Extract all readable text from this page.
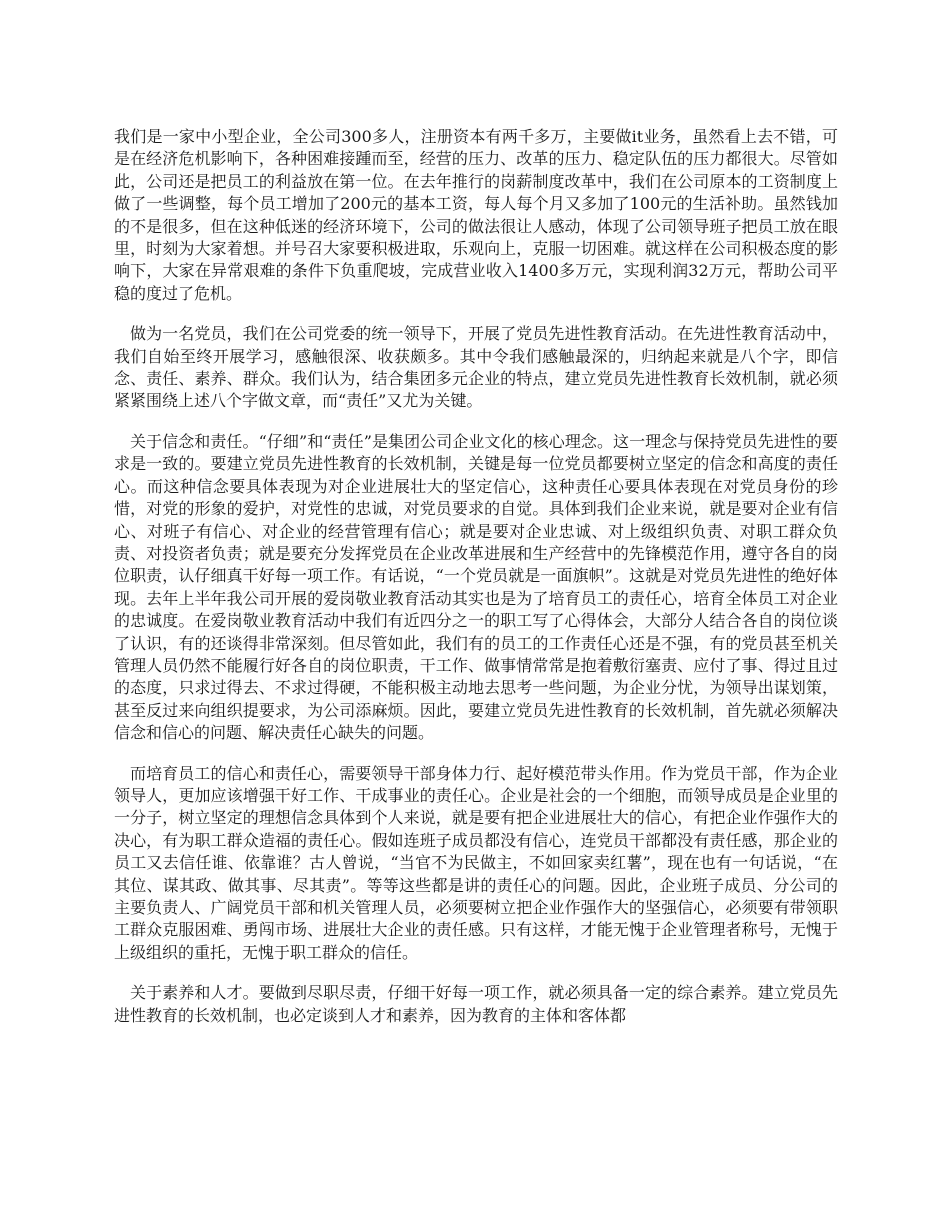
我们是一家中小型企业，全公司300多人，注册资本有两千多万，主要做it业务，虽然看上去不错，可是在经济危机影响下，各种困难接踵而至，经营的压力、改革的压力、稳定队伍的压力都很大。尽管如此，公司还是把员工的利益放在第一位。在去年推行的岗薪制度改革中，我们在公司原本的工资制度上做了一些调整，每个员工增加了200元的基本工资，每人每个月又多加了100元的生活补助。虽然钱加的不是很多，但在这种低迷的经济环境下，公司的做法很让人感动，体现了公司领导班子把员工放在眼里，时刻为大家着想。并号召大家要积极进取，乐观向上，克服一切困难。就这样在公司积极态度的影响下，大家在异常艰难的条件下负重爬坡，完成营业收入1400多万元，实现利润32万元，帮助公司平稳的度过了危机。

做为一名党员，我们在公司党委的统一领导下，开展了党员先进性教育活动。在先进性教育活动中，我们自始至终开展学习，感触很深、收获颇多。其中令我们感触最深的，归纳起来就是八个字，即信念、责任、素养、群众。我们认为，结合集团多元企业的特点，建立党员先进性教育长效机制，就必须紧紧围绕上述八个字做文章，而“责任”又尤为关键。

关于信念和责任。“仔细”和“责任”是集团公司企业文化的核心理念。这一理念与保持党员先进性的要求是一致的。要建立党员先进性教育的长效机制，关键是每一位党员都要树立坚定的信念和高度的责任心。而这种信念要具体表现为对企业进展壮大的坚定信心，这种责任心要具体表现在对党员身份的珍惜，对党的形象的爱护，对党性的忠诚，对党员要求的自觉。具体到我们企业来说，就是要对企业有信心、对班子有信心、对企业的经营管理有信心；就是要对企业忠诚、对上级组织负责、对职工群众负责、对投资者负责；就是要充分发挥党员在企业改革进展和生产经营中的先锋模范作用，遵守各自的岗位职责，认仔细真干好每一项工作。有话说，“一个党员就是一面旗帜”。这就是对党员先进性的绝好体现。去年上半年我公司开展的爱岗敬业教育活动其实也是为了培育员工的责任心，培育全体员工对企业的忠诚度。在爱岗敬业教育活动中我们有近四分之一的职工写了心得体会，大部分人结合各自的岗位谈了认识，有的还谈得非常深刻。但尽管如此，我们有的员工的工作责任心还是不强，有的党员甚至机关管理人员仍然不能履行好各自的岗位职责，干工作、做事情常常是抱着敷衍塞责、应付了事、得过且过的态度，只求过得去、不求过得硬，不能积极主动地去思考一些问题，为企业分忧，为领导出谋划策，甚至反过来向组织提要求，为公司添麻烦。因此，要建立党员先进性教育的长效机制，首先就必须解决信念和信心的问题、解决责任心缺失的问题。

而培育员工的信心和责任心，需要领导干部身体力行、起好模范带头作用。作为党员干部，作为企业领导人，更加应该增强干好工作、干成事业的责任心。企业是社会的一个细胞，而领导成员是企业里的一分子，树立坚定的理想信念具体到个人来说，就是要有把企业进展壮大的信心，有把企业作强作大的决心，有为职工群众造福的责任心。假如连班子成员都没有信心，连党员干部都没有责任感，那企业的员工又去信任谁、依靠谁？古人曾说，“当官不为民做主，不如回家卖红薯”，现在也有一句话说，“在其位、谋其政、做其事、尽其责”。等等这些都是讲的责任心的问题。因此，企业班子成员、分公司的主要负责人、广阔党员干部和机关管理人员，必须要树立把企业作强作大的坚强信心，必须要有带领职工群众克服困难、勇闯市场、进展壮大企业的责任感。只有这样，才能无愧于企业管理者称号，无愧于上级组织的重托，无愧于职工群众的信任。

关于素养和人才。要做到尽职尽责，仔细干好每一项工作，就必须具备一定的综合素养。建立党员先进性教育的长效机制，也必定谈到人才和素养，因为教育的主体和客体都
